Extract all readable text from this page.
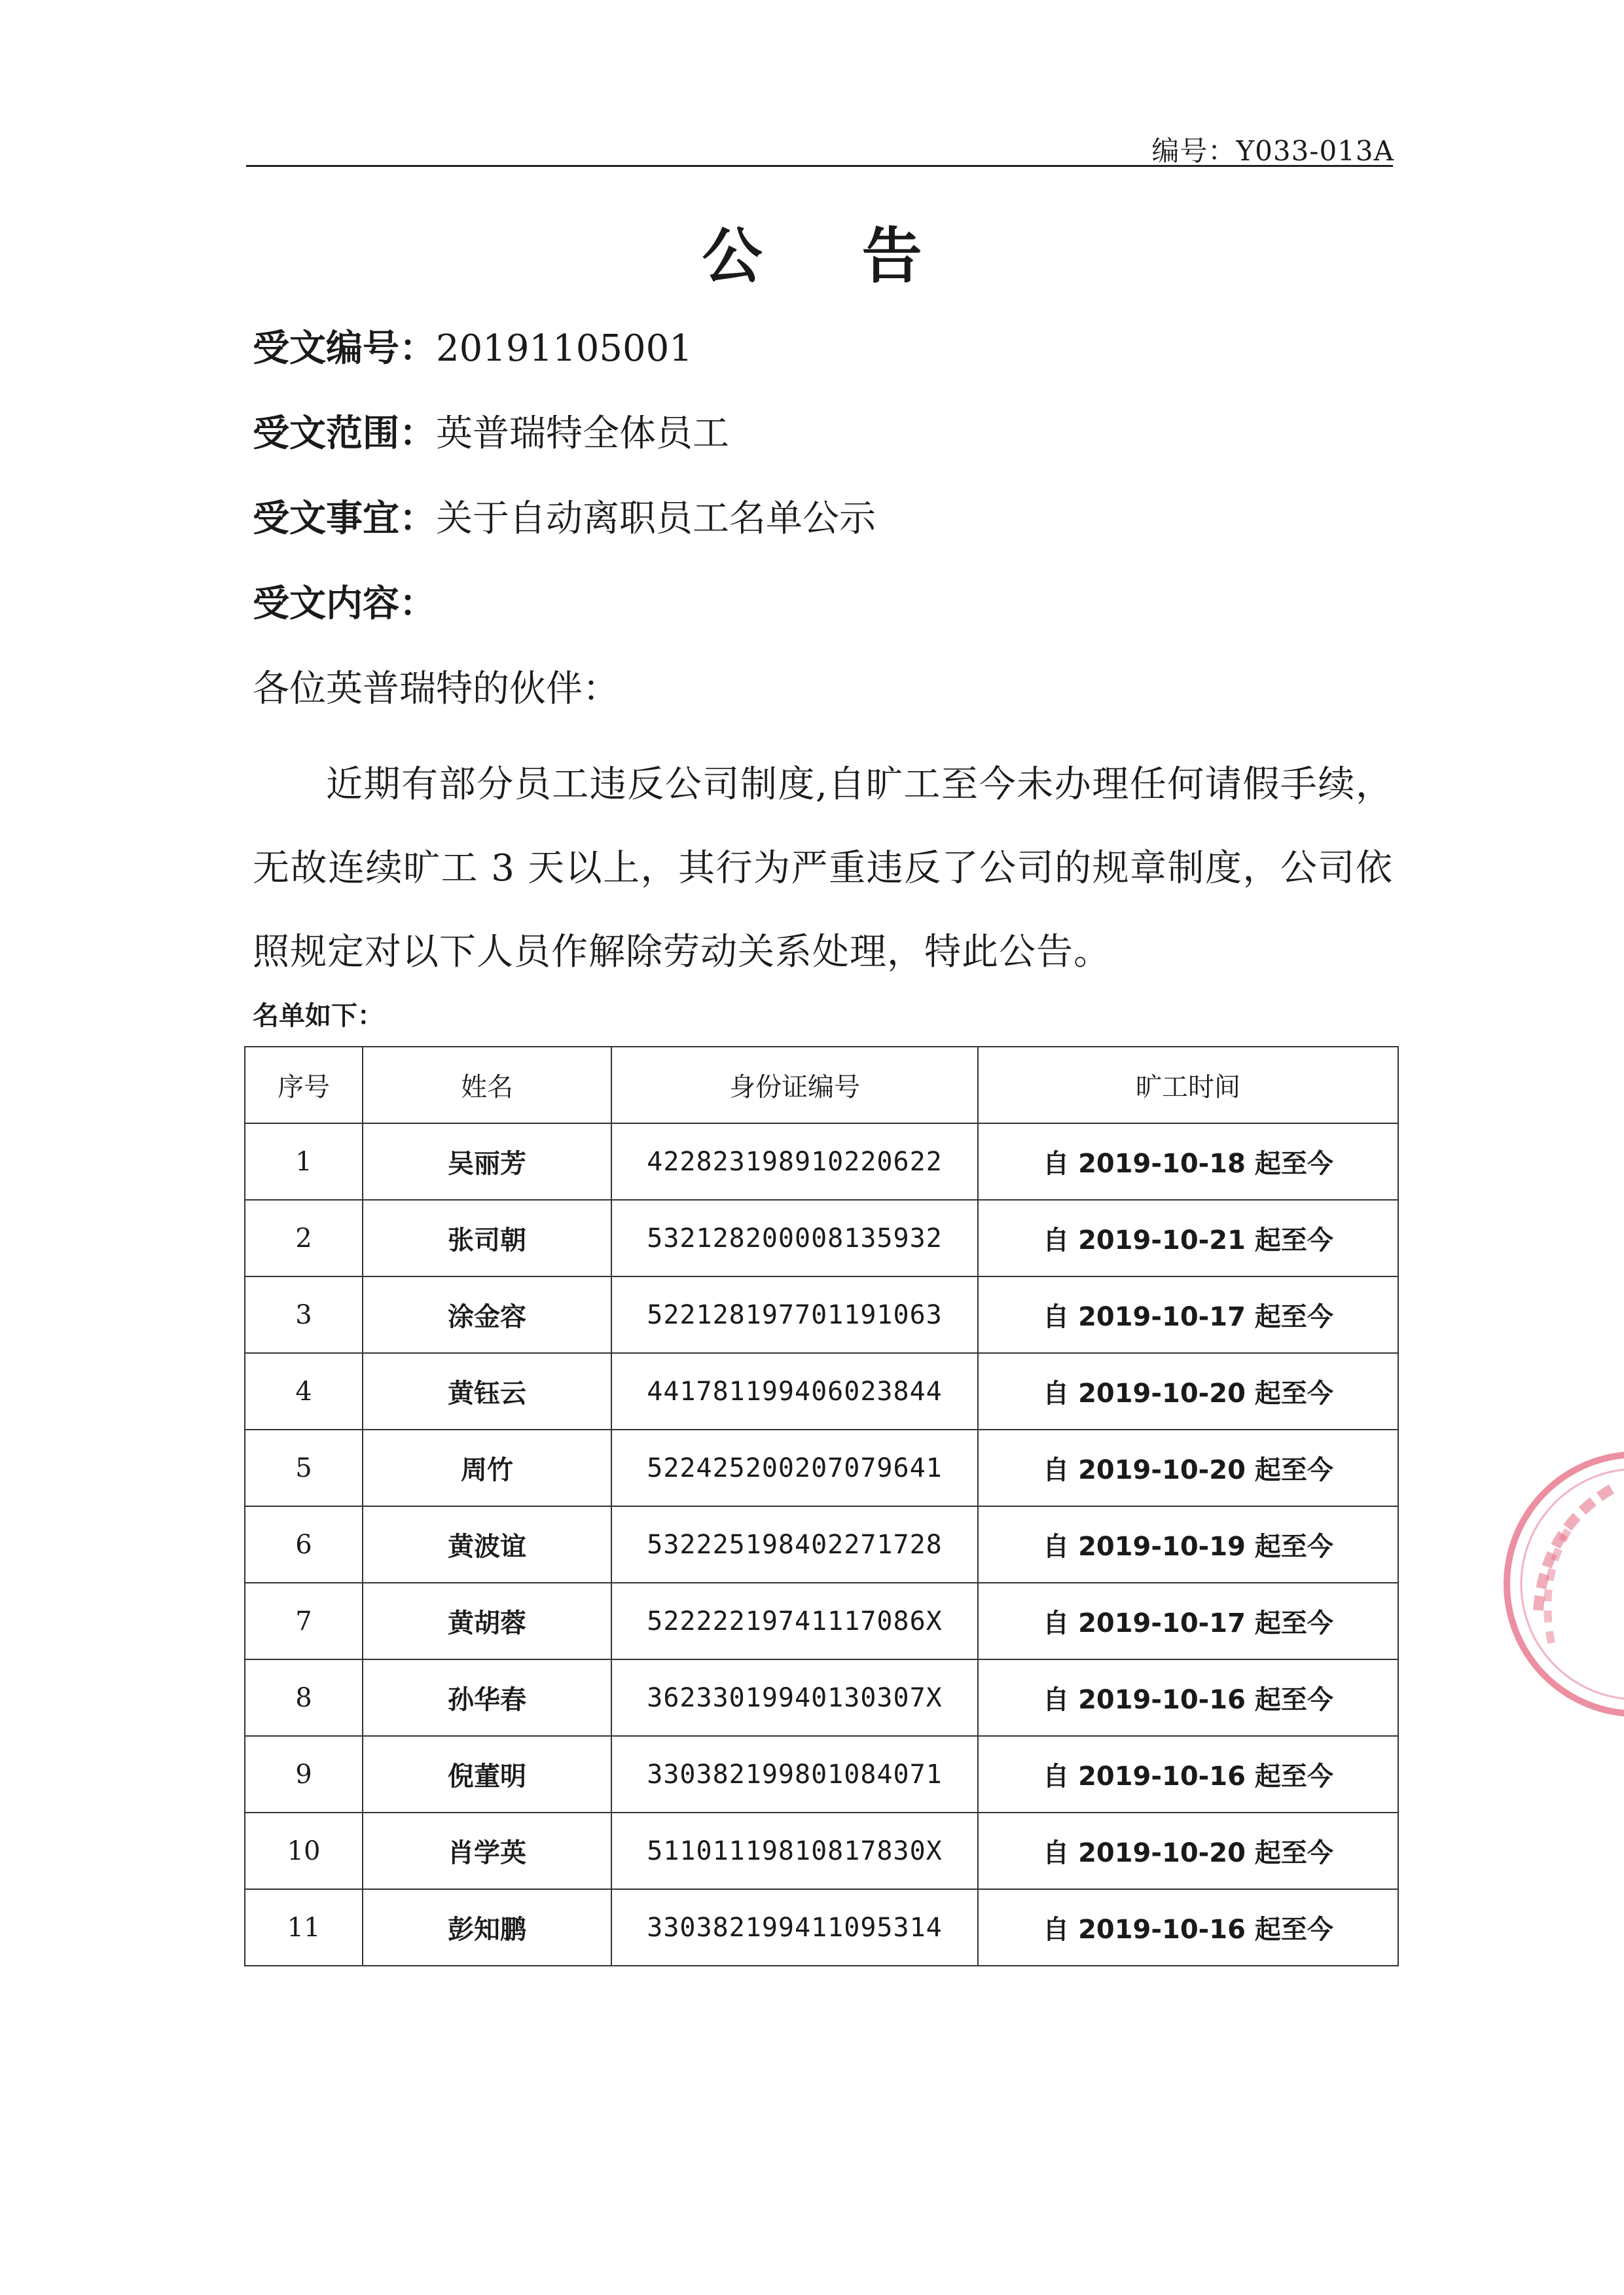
编号：Y033-013A
公 告
受文编号：20191105001
受文范围：英普瑞特全体员工
受文事宜：关于自动离职员工名单公示
受文内容：
各位英普瑞特的伙伴：
近期有部分员工违反公司制度,自旷工至今未办理任何请假手续，无故连续旷工 3 天以上，其行为严重违反了公司的规章制度，公司依照规定对以下人员作解除劳动关系处理，特此公告。
名单如下：
序号	姓名	身份证编号	旷工时间
1	吴丽芳	422823198910220622	自 2019-10-18 起至今
2	张司朝	532128200008135932	自 2019-10-21 起至今
3	涂金容	522128197701191063	自 2019-10-17 起至今
4	黄钰云	441781199406023844	自 2019-10-20 起至今
5	周竹	522425200207079641	自 2019-10-20 起至今
6	黄波谊	532225198402271728	自 2019-10-19 起至今
7	黄胡蓉	52222219741117086X	自 2019-10-17 起至今
8	孙华春	36233019940130307X	自 2019-10-16 起至今
9	倪董明	330382199801084071	自 2019-10-16 起至今
10	肖学英	51101119810817830X	自 2019-10-20 起至今
11	彭知鹏	330382199411095314	自 2019-10-16 起至今
